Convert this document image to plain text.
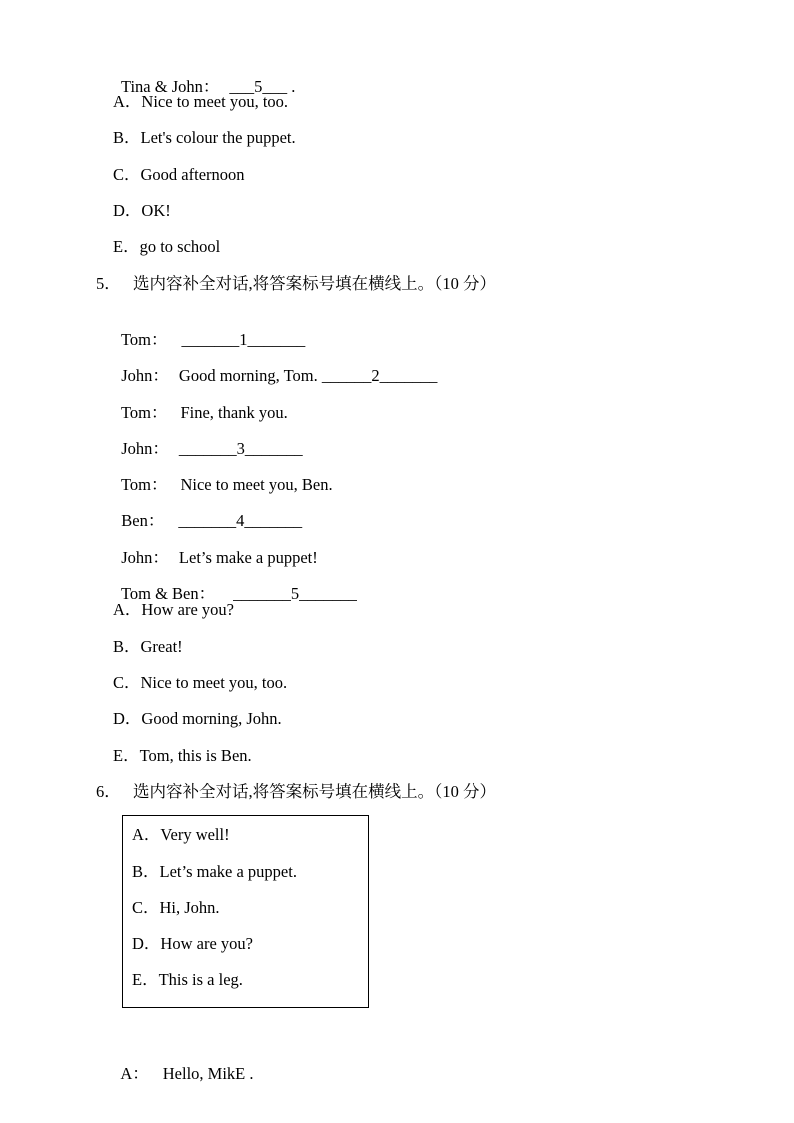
Tina & John： ___5___ .

A．Nice to meet you, too.
B．Let's colour the puppet.
C．Good afternoon
D．OK!
E．go to school
5． 选内容补全对话,将答案标号填在横线上。（10 分）

Tom： _______1_______

John： Good morning, Tom. ______2_______

Tom： Fine, thank you.

John： _______3_______

Tom： Nice to meet you, Ben.

Ben： _______4_______

John： Let’s make a puppet!

Tom & Ben： _______5_______

A．How are you?
B．Great!
C．Nice to meet you, too.
D．Good morning, John.
E．Tom, this is Ben.
6． 选内容补全对话,将答案标号填在横线上。（10 分）
A．Very well!
B．Let’s make a puppet.
C．Hi, John.
D．How are you?
E．This is a leg.

A： Hello, MikE .
